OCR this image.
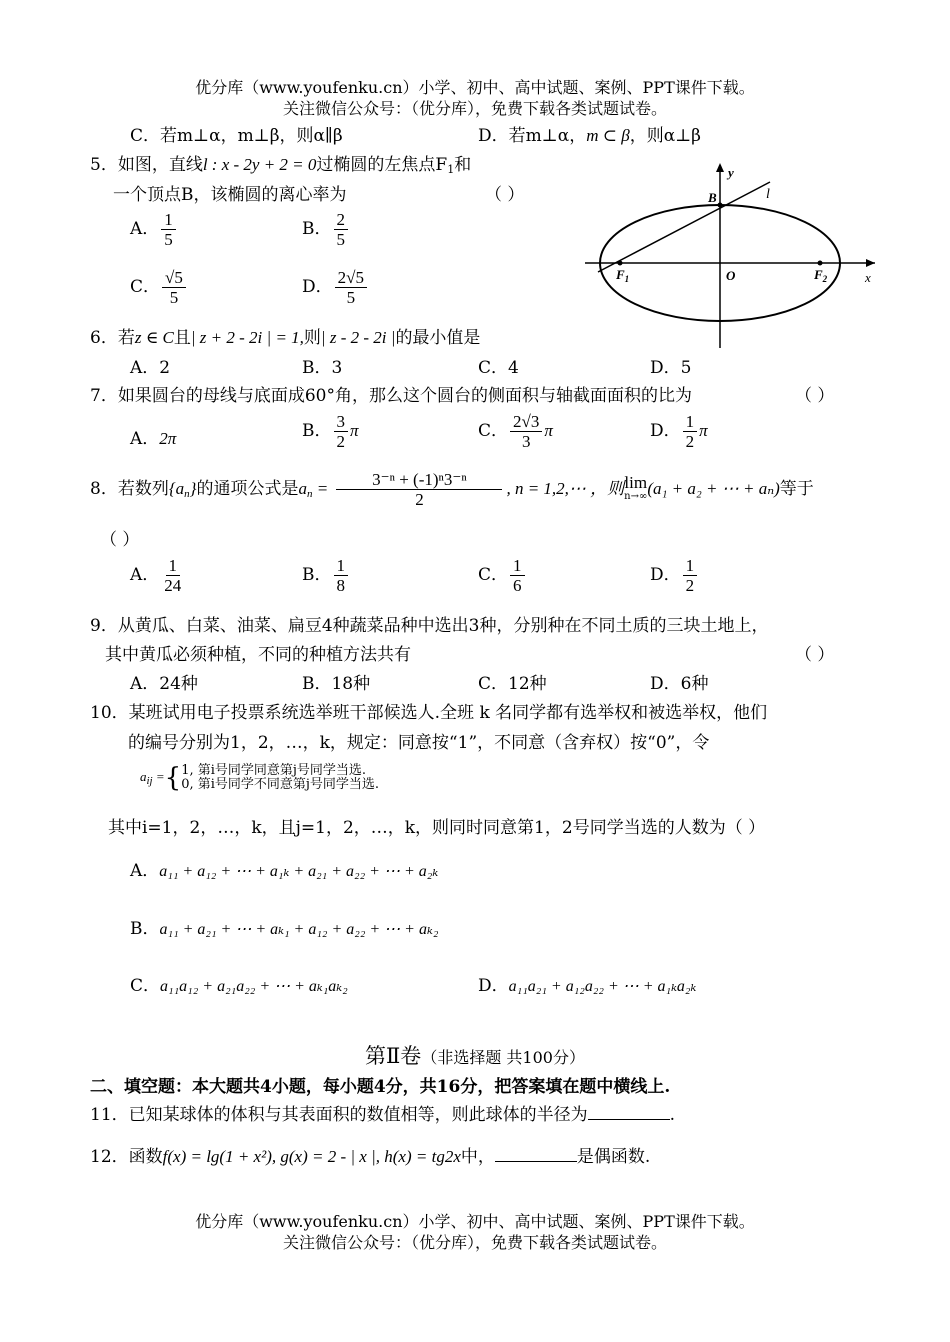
优分库（www.youfenku.cn）小学、初中、高中试题、案例、PPT课件下载。
关注微信公众号：（优分库），免费下载各类试题试卷。
C．若m⊥α，m⊥β，则α∥β	D．若m⊥α，m ⊂ β，则α⊥β
5．如图，直线l : x - 2y + 2 = 0过椭圆的左焦点$F_1$和
一个顶点B，该椭圆的离心率为	（ ）
A． $\frac{1}{5}$	B． $\frac{2}{5}$
C． $\frac{√5}{5}$	D． $\frac{2√5}{5}$
B	l
y
O	x
$F_1$	$F_2$
6．若z ∈ C且| z + 2 - 2i | = 1,则| z - 2 - 2i |的最小值是
A．2	B．3	C．4	D．5
7．如果圆台的母线与底面成60°角，那么这个圆台的侧面积与轴截面面积的比为	（ ）
A．2π	B． $\frac{3}{2}$ π	C． $\frac{2√3}{3}$ π	D． $\frac{1}{2}$ π
8．若数列$\{a_n\}$的通项公式是$a_n = \frac{\text{3⁻ⁿ + (-1)ⁿ3⁻ⁿ}}{2}$ , n = 1,2,⋯ ，则 lim
n→∞ (a₁ + a₂ + ⋯ + aₙ)等于
（ ）
A． $\frac{1}{24}$	B． $\frac{1}{8}$	C． $\frac{1}{6}$	D． $\frac{1}{2}$
9．从黄瓜、白菜、油菜、扁豆4种蔬菜品种中选出3种，分别种在不同土质的三块土地上，
其中黄瓜必须种植，不同的种植方法共有	（ ）
A．24种	B．18种	C．12种	D．6种
10．某班试用电子投票系统选举班干部候选人.全班 k 名同学都有选举权和被选举权，他们
的编号分别为1，2，…，k，规定：同意按“1”，不同意（含弃权）按“0”，令
$a_{ij}$ ={ 1, 第i号同学同意第j号同学当选.
0, 第i号同学不同意第j号同学当选.
其中i=1，2，…，k，且j=1，2，…，k，则同时同意第1，2号同学当选的人数为（ ）
A．a₁₁ + a₁₂ + ⋯ + a₁ₖ + a₂₁ + a₂₂ + ⋯ + a₂ₖ
B．a₁₁ + a₂₁ + ⋯ + aₖ₁ + a₁₂ + a₂₂ + ⋯ + aₖ₂
C．a₁₁a₁₂ + a₂₁a₂₂ + ⋯ + aₖ₁aₖ₂	D．a₁₁a₂₁ + a₁₂a₂₂ + ⋯ + a₁ₖa₂ₖ
第Ⅱ卷（非选择题 共100分）
二、填空题：本大题共4小题，每小题4分，共16分，把答案填在题中横线上.
11．已知某球体的体积与其表面积的数值相等，则此球体的半径为	.
12．函数f(x) = lg(1 + x²), g(x) = 2 - | x |, h(x) = tg2x中，	是偶函数.
优分库（www.youfenku.cn）小学、初中、高中试题、案例、PPT课件下载。
关注微信公众号：（优分库），免费下载各类试题试卷。
